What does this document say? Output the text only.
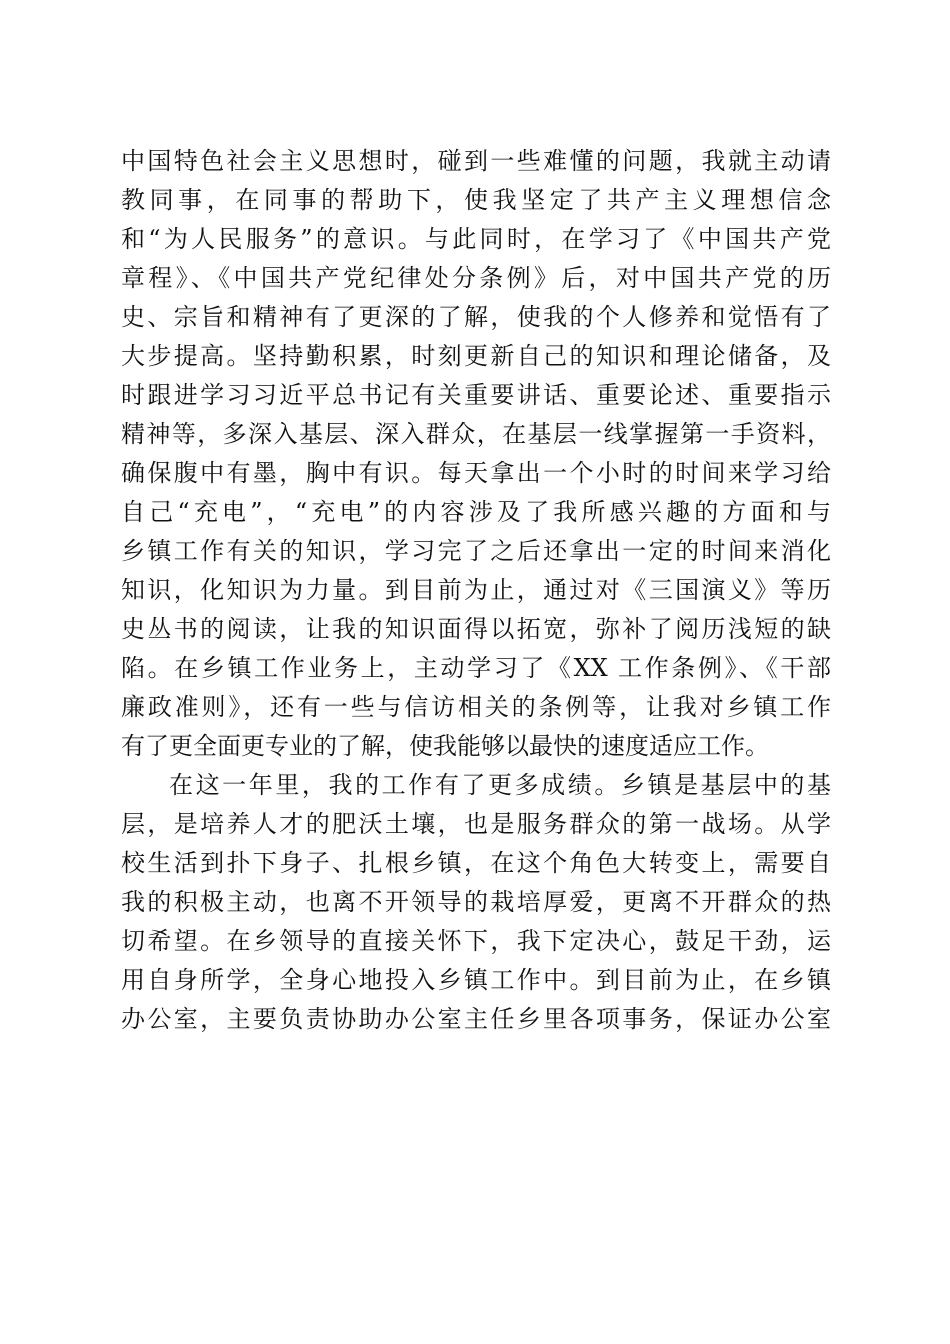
中国特色社会主义思想时，碰到一些难懂的问题，我就主动请
教同事，在同事的帮助下，使我坚定了共产主义理想信念
和“为人民服务”的意识。与此同时，在学习了《中国共产党
章程》、《中国共产党纪律处分条例》后，对中国共产党的历
史、宗旨和精神有了更深的了解，使我的个人修养和觉悟有了
大步提高。坚持勤积累，时刻更新自己的知识和理论储备，及
时跟进学习习近平总书记有关重要讲话、重要论述、重要指示
精神等，多深入基层、深入群众，在基层一线掌握第一手资料，
确保腹中有墨，胸中有识。每天拿出一个小时的时间来学习给
自己“充电”，“充电”的内容涉及了我所感兴趣的方面和与
乡镇工作有关的知识，学习完了之后还拿出一定的时间来消化
知识，化知识为力量。到目前为止，通过对《三国演义》等历
史丛书的阅读，让我的知识面得以拓宽，弥补了阅历浅短的缺
陷。在乡镇工作业务上，主动学习了《XX 工作条例》、《干部
廉政准则》，还有一些与信访相关的条例等，让我对乡镇工作
有了更全面更专业的了解，使我能够以最快的速度适应工作。
在这一年里，我的工作有了更多成绩。乡镇是基层中的基
层，是培养人才的肥沃土壤，也是服务群众的第一战场。从学
校生活到扑下身子、扎根乡镇，在这个角色大转变上，需要自
我的积极主动，也离不开领导的栽培厚爱，更离不开群众的热
切希望。在乡领导的直接关怀下，我下定决心，鼓足干劲，运
用自身所学，全身心地投入乡镇工作中。到目前为止，在乡镇
办公室，主要负责协助办公室主任乡里各项事务，保证办公室
